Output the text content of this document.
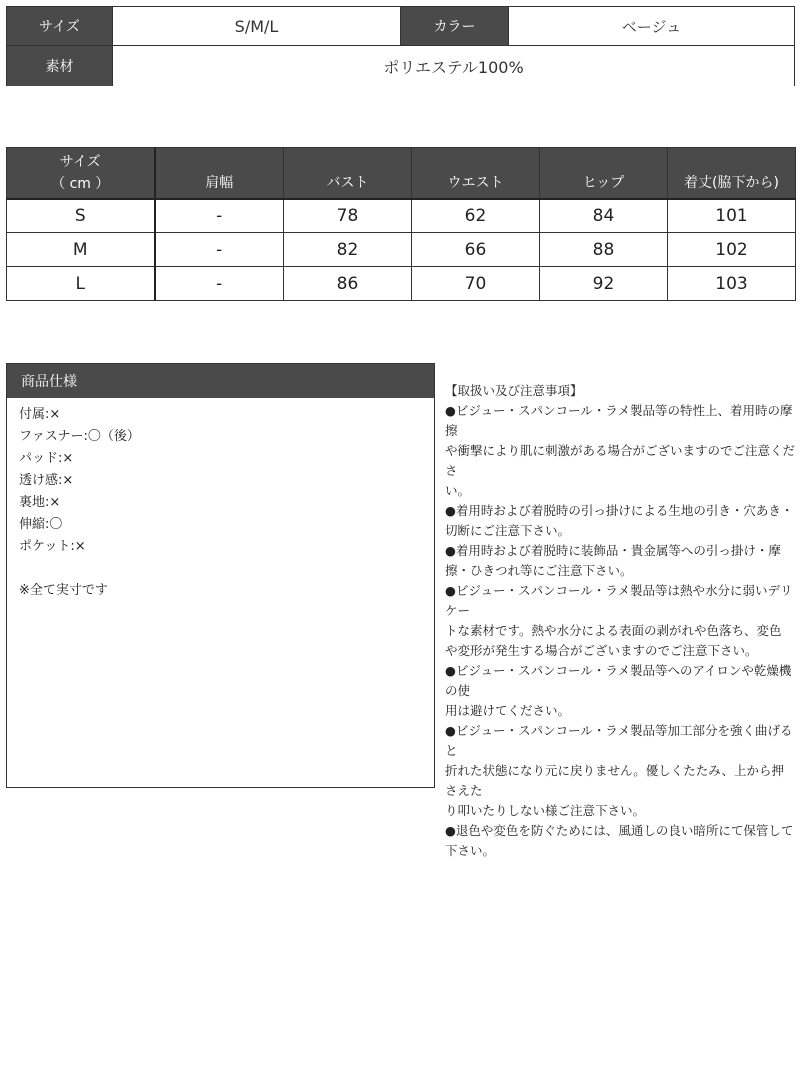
サイズ	S/M/L	カラー	ベージュ
素材	ポリエステル100%
サイズ
（ cm ）	肩幅	バスト	ウエスト	ヒップ	着丈(脇下から)
S	-	78	62	84	101
M	-	82	66	88	102
L	-	86	70	92	103
商品仕様
付属:×
ファスナー:〇（後）
パッド:×
透け感:×
裏地:×
伸縮:〇
ポケット:×
※全て実寸です

【取扱い及び注意事項】

●ビジュー・スパンコール・ラメ製品等の特性上、着用時の摩擦

や衝撃により肌に刺激がある場合がございますのでご注意くださ

い。

●着用時および着脱時の引っ掛けによる生地の引き・穴あき・

切断にご注意下さい。

●着用時および着脱時に装飾品・貴金属等への引っ掛け・摩

擦・ひきつれ等にご注意下さい。

●ビジュー・スパンコール・ラメ製品等は熱や水分に弱いデリケー

トな素材です。熱や水分による表面の剥がれや色落ち、変色

や変形が発生する場合がございますのでご注意下さい。

●ビジュー・スパンコール・ラメ製品等へのアイロンや乾燥機の使

用は避けてください。

●ビジュー・スパンコール・ラメ製品等加工部分を強く曲げると

折れた状態になり元に戻りません。優しくたたみ、上から押さえた

り叩いたりしない様ご注意下さい。

●退色や変色を防ぐためには、風通しの良い暗所にて保管して

下さい。
